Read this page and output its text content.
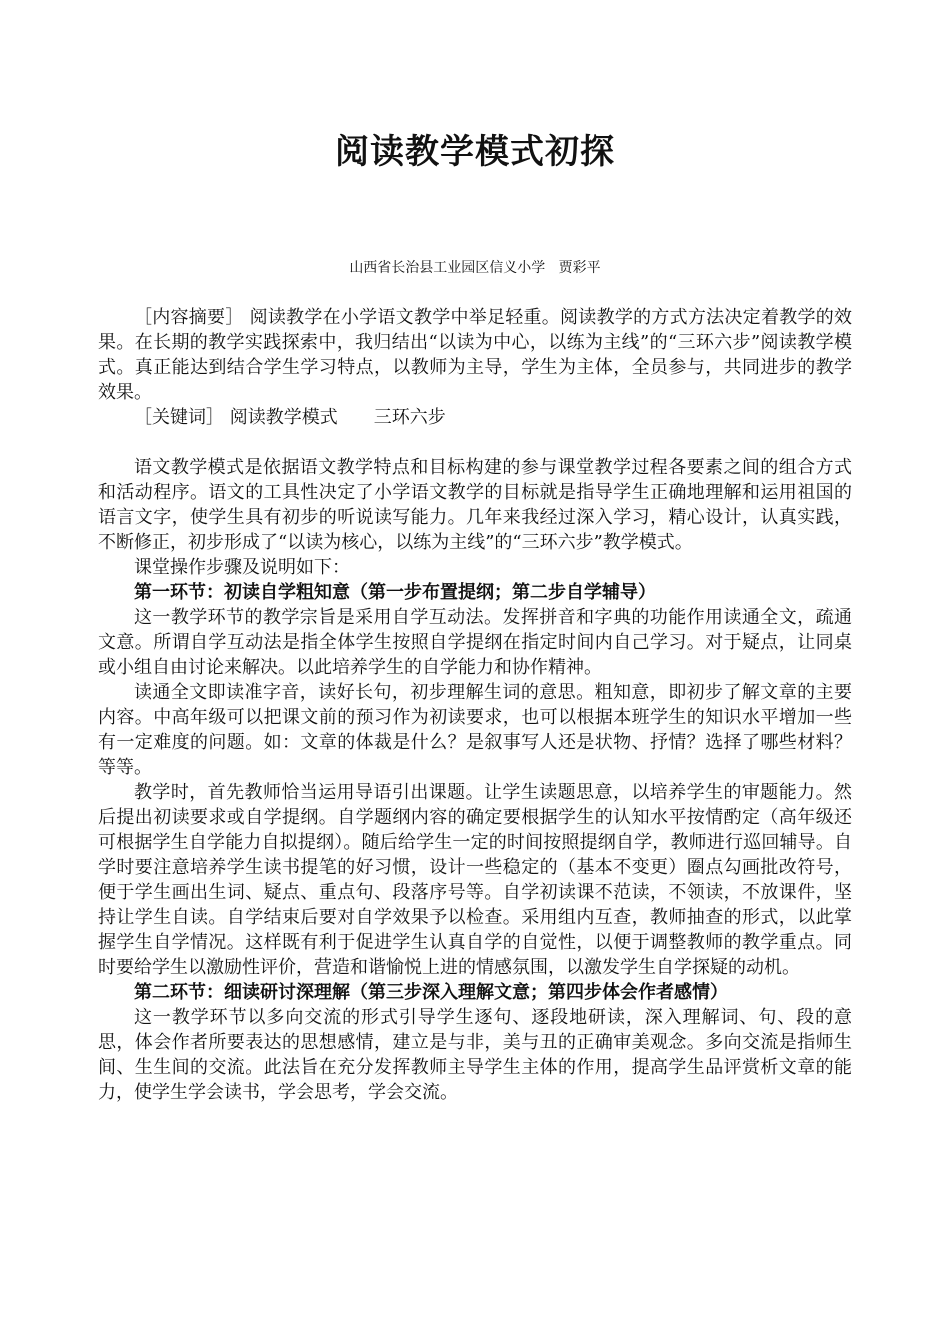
阅读教学模式初探
山西省长治县工业园区信义小学   贾彩平

［内容摘要］ 阅读教学在小学语文教学中举足轻重。阅读教学的方式方法决定着教学的效果。在长期的教学实践探索中，我归结出“以读为中心，以练为主线”的“三环六步”阅读教学模式。真正能达到结合学生学习特点，以教师为主导，学生为主体，全员参与，共同进步的教学效果。

［关键词］ 阅读教学模式 三环六步

语文教学模式是依据语文教学特点和目标构建的参与课堂教学过程各要素之间的组合方式和活动程序。语文的工具性决定了小学语文教学的目标就是指导学生正确地理解和运用祖国的语言文字，使学生具有初步的听说读写能力。几年来我经过深入学习，精心设计，认真实践，不断修正，初步形成了“以读为核心，以练为主线”的“三环六步”教学模式。

课堂操作步骤及说明如下：

第一环节：初读自学粗知意（第一步布置提纲；第二步自学辅导）

这一教学环节的教学宗旨是采用自学互动法。发挥拼音和字典的功能作用读通全文，疏通文意。所谓自学互动法是指全体学生按照自学提纲在指定时间内自己学习。对于疑点，让同桌或小组自由讨论来解决。以此培养学生的自学能力和协作精神。

读通全文即读准字音，读好长句，初步理解生词的意思。粗知意，即初步了解文章的主要内容。中高年级可以把课文前的预习作为初读要求，也可以根据本班学生的知识水平增加一些有一定难度的问题。如：文章的体裁是什么？是叙事写人还是状物、抒情？选择了哪些材料？等等。

教学时，首先教师恰当运用导语引出课题。让学生读题思意，以培养学生的审题能力。然后提出初读要求或自学提纲。自学题纲内容的确定要根据学生的认知水平按情酌定（高年级还可根据学生自学能力自拟提纲）。随后给学生一定的时间按照提纲自学，教师进行巡回辅导。自学时要注意培养学生读书提笔的好习惯，设计一些稳定的（基本不变更）圈点勾画批改符号，便于学生画出生词、疑点、重点句、段落序号等。自学初读课不范读，不领读，不放课件，坚持让学生自读。自学结束后要对自学效果予以检查。采用组内互查，教师抽查的形式，以此掌握学生自学情况。这样既有利于促进学生认真自学的自觉性，以便于调整教师的教学重点。同时要给学生以激励性评价，营造和谐愉悦上进的情感氛围，以激发学生自学探疑的动机。

第二环节：细读研讨深理解（第三步深入理解文意；第四步体会作者感情）

这一教学环节以多向交流的形式引导学生逐句、逐段地研读，深入理解词、句、段的意思，体会作者所要表达的思想感情，建立是与非，美与丑的正确审美观念。多向交流是指师生间、生生间的交流。此法旨在充分发挥教师主导学生主体的作用，提高学生品评赏析文章的能力，使学生学会读书，学会思考，学会交流。
